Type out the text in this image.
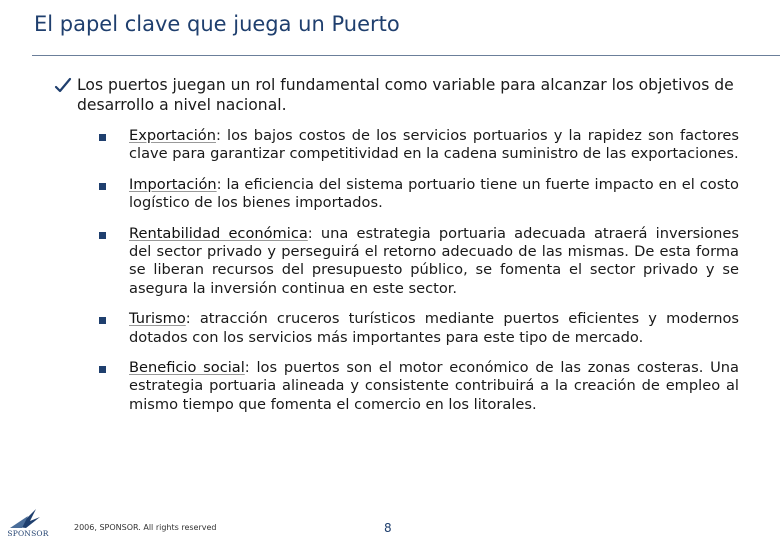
El papel clave que juega un Puerto
Los puertos juegan un rol fundamental como variable para alcanzar los objetivos de desarrollo a nivel nacional.
Exportación: los bajos costos de los servicios portuarios y la rapidez son factores clave para garantizar competitividad en la cadena suministro de las exportaciones.
Importación: la eficiencia del sistema portuario tiene un fuerte impacto en el costo logístico de los bienes importados.
Rentabilidad económica: una estrategia portuaria adecuada atraerá inversiones del sector privado y perseguirá el retorno adecuado de las mismas. De esta forma se liberan recursos del presupuesto público, se fomenta el sector privado y se asegura la inversión continua en este sector.
Turismo: atracción cruceros turísticos mediante puertos eficientes y modernos dotados con los servicios más importantes para este tipo de mercado.
Beneficio social: los puertos son el motor económico de las zonas costeras. Una estrategia portuaria alineada y consistente contribuirá a la creación de empleo al mismo tiempo que fomenta el comercio en los litorales.
SPONSOR
2006, SPONSOR. All rights reserved	8
